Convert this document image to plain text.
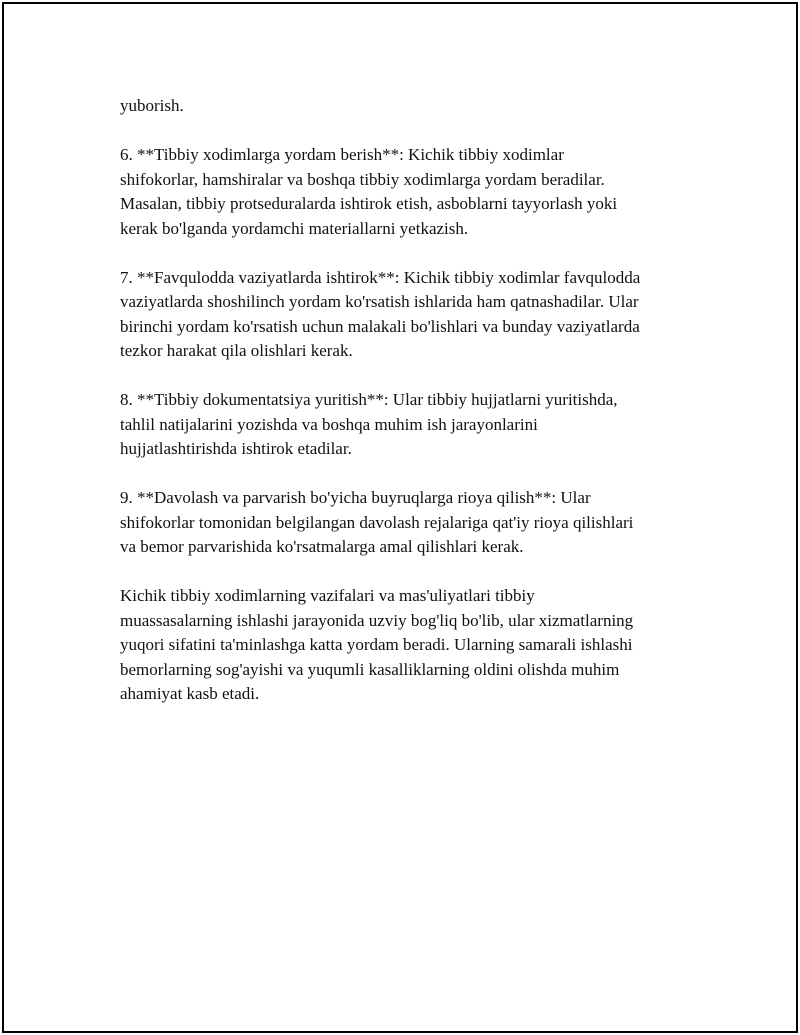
yuborish.

6. **Tibbiy xodimlarga yordam berish**: Kichik tibbiy xodimlar
shifokorlar, hamshiralar va boshqa tibbiy xodimlarga yordam beradilar.
Masalan, tibbiy protseduralarda ishtirok etish, asboblarni tayyorlash yoki
kerak bo'lganda yordamchi materiallarni yetkazish.

7. **Favqulodda vaziyatlarda ishtirok**: Kichik tibbiy xodimlar favqulodda
vaziyatlarda shoshilinch yordam ko'rsatish ishlarida ham qatnashadilar. Ular
birinchi yordam ko'rsatish uchun malakali bo'lishlari va bunday vaziyatlarda
tezkor harakat qila olishlari kerak.

8. **Tibbiy dokumentatsiya yuritish**: Ular tibbiy hujjatlarni yuritishda,
tahlil natijalarini yozishda va boshqa muhim ish jarayonlarini
hujjatlashtirishda ishtirok etadilar.

9. **Davolash va parvarish bo'yicha buyruqlarga rioya qilish**: Ular
shifokorlar tomonidan belgilangan davolash rejalariga qat'iy rioya qilishlari
va bemor parvarishida ko'rsatmalarga amal qilishlari kerak.

Kichik tibbiy xodimlarning vazifalari va mas'uliyatlari tibbiy
muassasalarning ishlashi jarayonida uzviy bog'liq bo'lib, ular xizmatlarning
yuqori sifatini ta'minlashga katta yordam beradi. Ularning samarali ishlashi
bemorlarning sog'ayishi va yuqumli kasalliklarning oldini olishda muhim
ahamiyat kasb etadi.
